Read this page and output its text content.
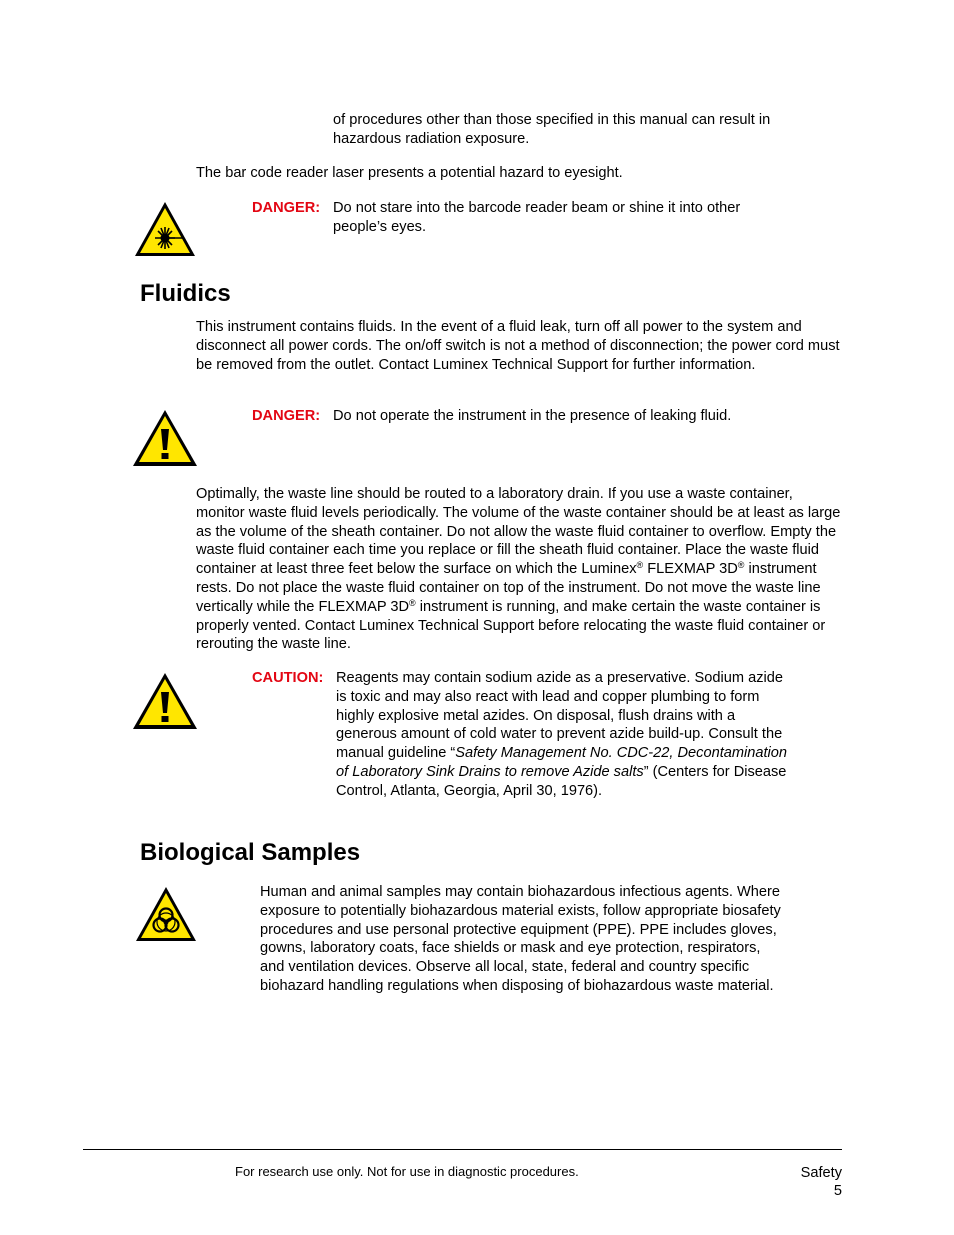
of procedures other than those specified in this manual can result in hazardous radiation exposure.

The bar code reader laser presents a potential hazard to eyesight.

DANGER: Do not stare into the barcode reader beam or shine it into other people’s eyes.

Fluidics

This instrument contains fluids. In the event of a fluid leak, turn off all power to the system and disconnect all power cords. The on/off switch is not a method of disconnection; the power cord must be removed from the outlet. Contact Luminex Technical Support for further information.

DANGER: Do not operate the instrument in the presence of leaking fluid.

Optimally, the waste line should be routed to a laboratory drain. If you use a waste container, monitor waste fluid levels periodically. The volume of the waste container should be at least as large as the volume of the sheath container. Do not allow the waste fluid container to overflow. Empty the waste fluid container each time you replace or fill the sheath fluid container. Place the waste fluid container at least three feet below the surface on which the Luminex® FLEXMAP 3D® instrument rests. Do not place the waste fluid container on top of the instrument. Do not move the waste line vertically while the FLEXMAP 3D® instrument is running, and make certain the waste container is properly vented. Contact Luminex Technical Support before relocating the waste fluid container or rerouting the waste line.

CAUTION: Reagents may contain sodium azide as a preservative. Sodium azide is toxic and may also react with lead and copper plumbing to form highly explosive metal azides. On disposal, flush drains with a generous amount of cold water to prevent azide build-up. Consult the manual guideline “Safety Management No. CDC-22, Decontamination of Laboratory Sink Drains to remove Azide salts” (Centers for Disease Control, Atlanta, Georgia, April 30, 1976).

Biological Samples

Human and animal samples may contain biohazardous infectious agents. Where exposure to potentially biohazardous material exists, follow appropriate biosafety procedures and use personal protective equipment (PPE). PPE includes gloves, gowns, laboratory coats, face shields or mask and eye protection, respirators, and ventilation devices. Observe all local, state, federal and country specific biohazard handling regulations when disposing of biohazardous waste material.

For research use only. Not for use in diagnostic procedures.	Safety
5
